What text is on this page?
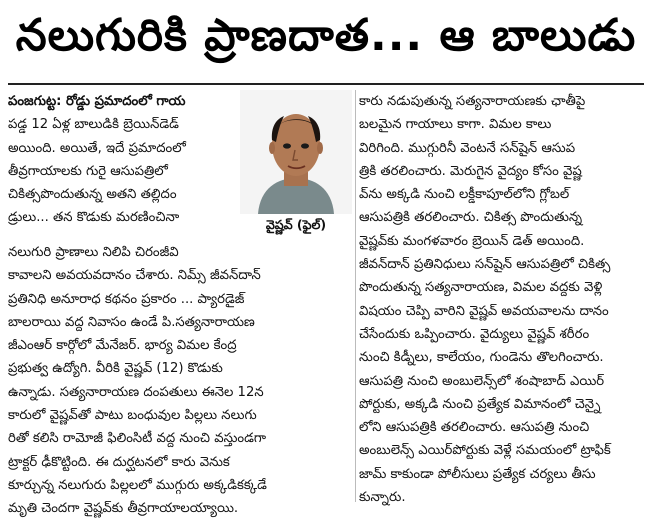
నలుగురికి ప్రాణదాత... ఆ బాలుడు
పంజగుట్ట: రోడ్డు ప్రమాదంలో గాయ
పడ్డ 12 ఏళ్ల బాలుడికి బ్రెయిన్‌డెడ్
అయింది. అయితే, ఇదే ప్రమాదంలో
తీవ్రగాయాలకు గురై ఆసుపత్రిలో
చికిత్సపొందుతున్న అతని తల్లిదం
డ్రులు... తన కొడుకు మరణించినా	వైష్ణవ్ (ఫైల్)
నలుగురి ప్రాణాలు నిలిపి చిరంజీవి
కావాలని అవయవదానం చేశారు. నిమ్స్ జీవన్‌దాన్
ప్రతినిధి అనూరాధ కథనం ప్రకారం ... ప్యారడైజ్
బాలరాయి వద్ద నివాసం ఉండే పి.సత్యనారాయణ
జీఎంఆర్ కార్గోలో మేనేజర్. భార్య విమల కేంద్ర
ప్రభుత్వ ఉద్యోగి. వీరికి వైష్ణవ్ (12) కొడుకు
ఉన్నాడు. సత్యనారాయణ దంపతులు ఈనెల 12న
కారులో వైష్ణవ్‌తో పాటు బంధువుల పిల్లలు నలుగు
రితో కలిసి రామోజీ ఫిలింసిటీ వద్ద నుంచి వస్తుండగా
ట్రాక్టర్ ఢీకొట్టింది. ఈ దుర్ఘటనలో కారు వెనుక
కూర్చున్న నలుగురు పిల్లలలో ముగ్గురు అక్కడికక్కడే
మృతి చెందగా వైష్ణవ్‌కు తీవ్రగాయాలయ్యాయి.
కారు నడుపుతున్న సత్యనారాయణకు ఛాతీపై
బలమైన గాయాలు కాగా. విమల కాలు
విరిగింది. ముగ్గురినీ వెంటనే సన్‌షైన్ ఆసుప
త్రికి తరలించారు. మెరుగైన వైద్యం కోసం వైష్ణ
వ్‌ను అక్కడి నుంచి లక్డీకాపూల్‌లోని గ్లోబల్
ఆసుపత్రికి తరలించారు. చికిత్స పొందుతున్న
వైష్ణవ్‌కు మంగళవారం బ్రెయిన్ డెత్ అయింది.
జీవన్‌దాన్ ప్రతినిధులు సన్‌షైన్ ఆసుపత్రిలో చికిత్స
పొందుతున్న సత్యనారాయణ, విమల వద్దకు వెళ్లి
విషయం చెప్పి వారిని వైష్ణవ్ అవయవాలను దానం
చేసేందుకు ఒప్పించారు. వైద్యులు వైష్ణవ్ శరీరం
నుంచి కిడ్నీలు, కాలేయం, గుండెను తొలగించారు.
ఆసుపత్రి నుంచి అంబులెన్స్‌లో శంషాబాద్ ఎయిర్
పోర్టుకు, అక్కడి నుంచి ప్రత్యేక విమానంలో చెన్నై
లోని ఆసుపత్రికి తరలించారు. ఆసుపత్రి నుంచి
అంబులెన్స్ ఎయిర్‌పోర్టుకు వెళ్లే సమయంలో ట్రాఫిక్
జామ్ కాకుండా పోలీసులు ప్రత్యేక చర్యలు తీసు
కున్నారు.
